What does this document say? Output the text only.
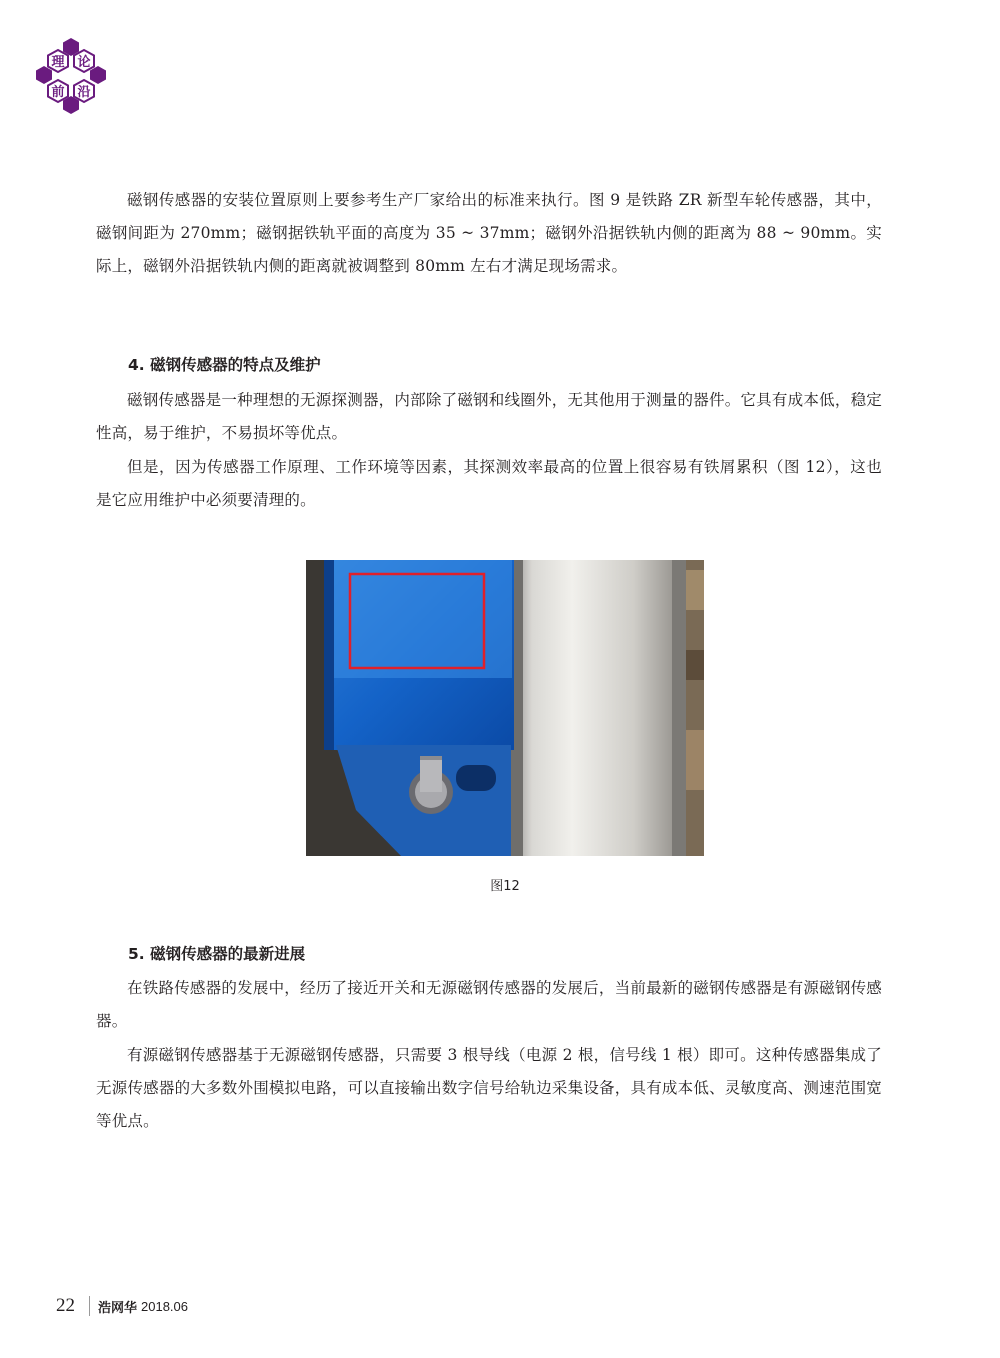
理 论
前 沿

磁钢传感器的安装位置原则上要参考生产厂家给出的标准来执行。图 9 是铁路 ZR 新型车轮传感器，其中，磁钢间距为 270mm；磁钢据铁轨平面的高度为 35 ~ 37mm；磁钢外沿据铁轨内侧的距离为 88 ~ 90mm。实际上，磁钢外沿据铁轨内侧的距离就被调整到 80mm 左右才满足现场需求。

4. 磁钢传感器的特点及维护

磁钢传感器是一种理想的无源探测器，内部除了磁钢和线圈外，无其他用于测量的器件。它具有成本低，稳定性高，易于维护，不易损坏等优点。

但是，因为传感器工作原理、工作环境等因素，其探测效率最高的位置上很容易有铁屑累积（图 12），这也是它应用维护中必须要清理的。

图12
5. 磁钢传感器的最新进展

在铁路传感器的发展中，经历了接近开关和无源磁钢传感器的发展后，当前最新的磁钢传感器是有源磁钢传感器。

有源磁钢传感器基于无源磁钢传感器，只需要 3 根导线（电源 2 根，信号线 1 根）即可。这种传感器集成了无源传感器的大多数外围模拟电路，可以直接输出数字信号给轨边采集设备，具有成本低、灵敏度高、测速范围宽等优点。

22 浩网华 2018.06
